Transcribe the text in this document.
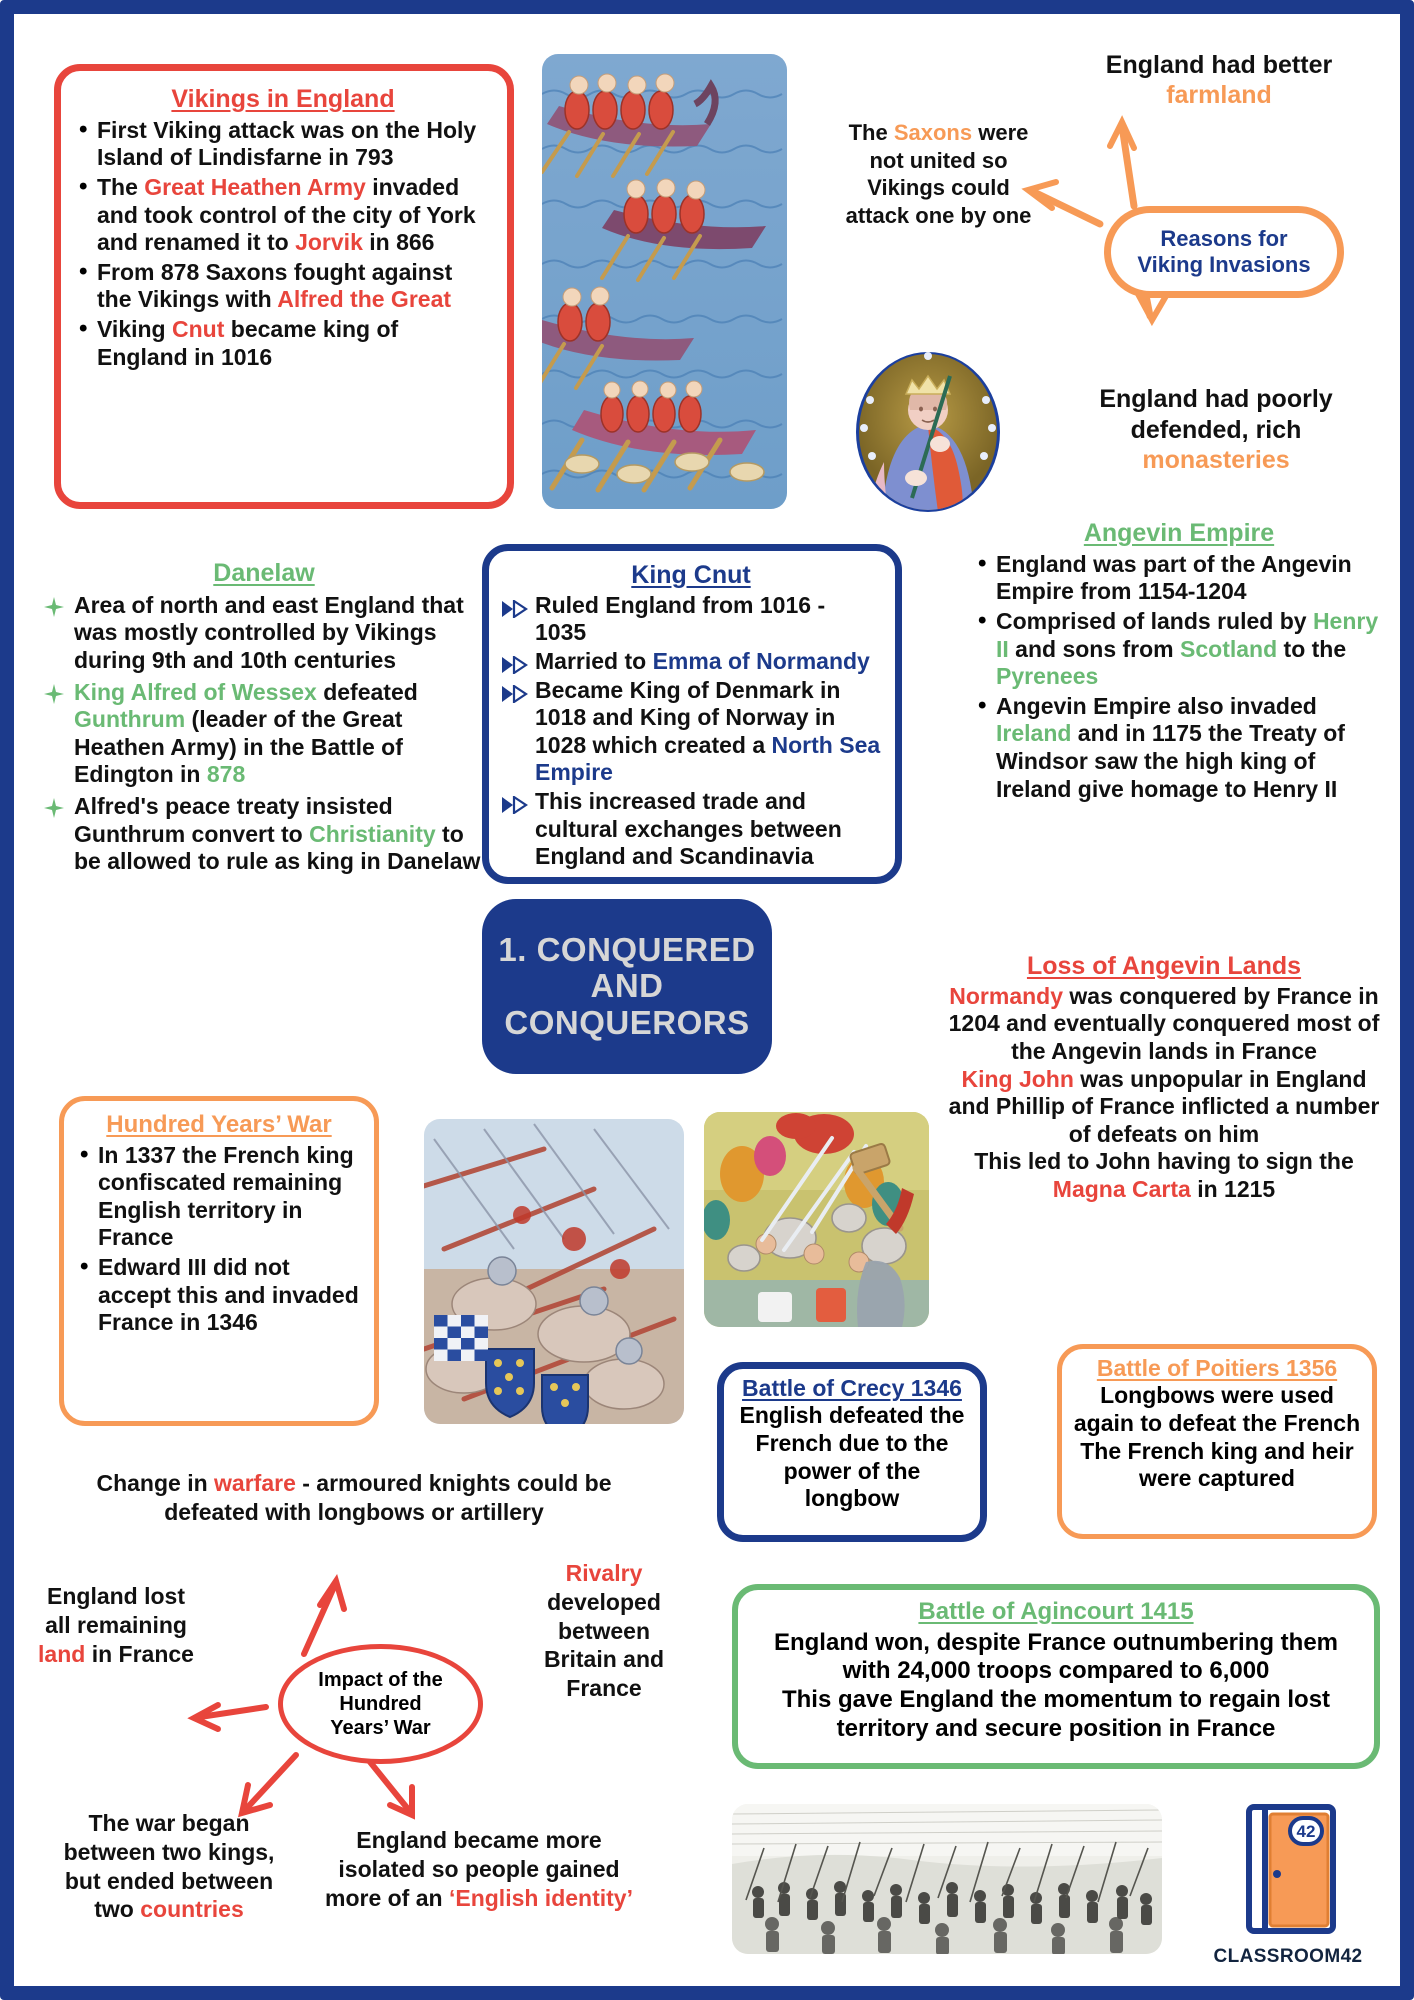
Vikings in England
• First Viking attack was on the Holy Island of Lindisfarne in 793
• The Great Heathen Army invaded and took control of the city of York and renamed it to Jorvik in 866
• From 878 Saxons fought against the Vikings with Alfred the Great
• Viking Cnut became king of England in 1016
The Saxons were not united so Vikings could attack one by one
England had better farmland
Reasons for
Viking Invasions
England had poorly defended, rich monasteries
Danelaw
Area of north and east England that was mostly controlled by Vikings during 9th and 10th centuries
King Alfred of Wessex defeated Gunthrum (leader of the Great Heathen Army) in the Battle of Edington in 878
Alfred's peace treaty insisted Gunthrum convert to Christianity to be allowed to rule as king in Danelaw
King Cnut
Ruled England from 1016 - 1035
Married to Emma of Normandy
Became King of Denmark in 1018 and King of Norway in 1028 which created a North Sea Empire
This increased trade and cultural exchanges between England and Scandinavia
1. CONQUERED
AND
CONQUERORS
Angevin Empire
• England was part of the Angevin Empire from 1154-1204
• Comprised of lands ruled by Henry II and sons from Scotland to the Pyrenees
• Angevin Empire also invaded Ireland and in 1175 the Treaty of Windsor saw the high king of Ireland give homage to Henry II
Loss of Angevin Lands

Normandy was conquered by France in 1204 and eventually conquered most of the Angevin lands in France

King John was unpopular in England and Phillip of France inflicted a number of defeats on him

This led to John having to sign the Magna Carta in 1215

Hundred Years’ War
• In 1337 the French king confiscated remaining English territory in France
• Edward III did not accept this and invaded France in 1346
Battle of Crecy 1346

English defeated the French due to the power of the longbow

Battle of Poitiers 1356

Longbows were used again to defeat the French

The French king and heir were captured

Change in warfare - armoured knights could be defeated with longbows or artillery
England lost all remaining land in France
Impact of the
Hundred
Years’ War
Rivalry developed between Britain and France
The war began between two kings, but ended between two countries
England became more isolated so people gained more of an ‘English identity’
Battle of Agincourt 1415

England won, despite France outnumbering them with 24,000 troops compared to 6,000

This gave England the momentum to regain lost territory and secure position in France

42
CLASSROOM42
